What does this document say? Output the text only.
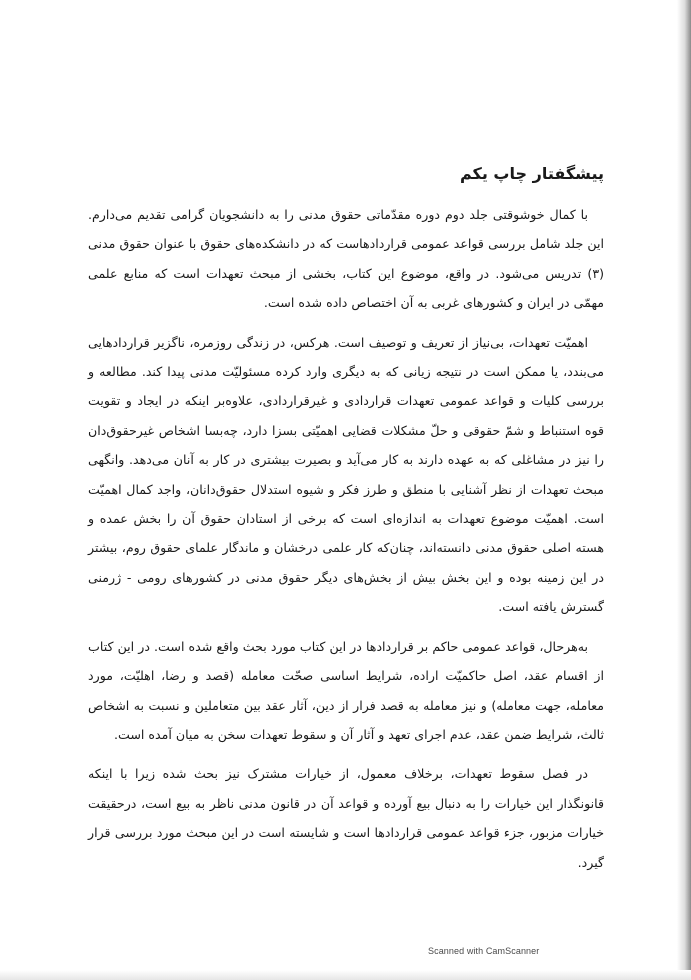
پیشگفتار چاپ یکم

با کمال خوشوقتی جلد دوم دوره مقدّماتی حقوق مدنی را به دانشجویان گرامی تقدیم می‌دارم. این جلد شامل بررسی قواعد عمومی قراردادهاست که در دانشکده‌های حقوق با عنوان حقوق مدنی (۳) تدریس می‌شود. در واقع، موضوع این کتاب، بخشی از مبحث تعهدات است که منابع علمی مهمّی در ایران و کشورهای غربی به آن اختصاص داده شده است.

اهمیّت تعهدات، بی‌نیاز از تعریف و توصیف است. هرکس، در زندگی روزمره، ناگزیر قراردادهایی می‌بندد، یا ممکن است در نتیجه زیانی که به دیگری وارد کرده مسئولیّت مدنی پیدا کند. مطالعه و بررسی کلیات و قواعد عمومی تعهدات قراردادی و غیرقراردادی، علاوه‌بر اینکه در ایجاد و تقویت قوه استنباط و شمّ حقوقی و حلّ مشکلات قضایی اهمیّتی بسزا دارد، چه‌بسا اشخاص غیرحقوق‌دان را نیز در مشاغلی که به عهده دارند به کار می‌آید و بصیرت بیشتری در کار به آنان می‌دهد. وانگهی مبحث تعهدات از نظر آشنایی با منطق و طرز فکر و شیوه استدلال حقوق‌دانان، واجد کمال اهمیّت است. اهمیّت موضوع تعهدات به اندازه‌ای است که برخی از استادان حقوق آن را بخش عمده و هسته اصلی حقوق مدنی دانسته‌اند، چنان‌که کار علمی درخشان و ماندگار علمای حقوق روم، بیشتر در این زمینه بوده و این بخش بیش از بخش‌های دیگر حقوق مدنی در کشورهای رومی - ژرمنی گسترش یافته است.

به‌هرحال، قواعد عمومی حاکم بر قراردادها در این کتاب مورد بحث واقع شده است. در این کتاب از اقسام عقد، اصل حاکمیّت اراده، شرایط اساسی صحّت معامله (قصد و رضا، اهلیّت، مورد معامله، جهت معامله) و نیز معامله به قصد فرار از دین، آثار عقد بین متعاملین و نسبت به اشخاص ثالث، شرایط ضمن عقد، عدم اجرای تعهد و آثار آن و سقوط تعهدات سخن به میان آمده است.

در فصل سقوط تعهدات، برخلاف معمول، از خیارات مشترک نیز بحث شده زیرا با اینکه قانونگذار این خیارات را به دنبال بیع آورده و قواعد آن در قانون مدنی ناظر به بیع است، درحقیقت خیارات مزبور، جزء قواعد عمومی قراردادها است و شایسته است در این مبحث مورد بررسی قرار گیرد.

Scanned with CamScanner
